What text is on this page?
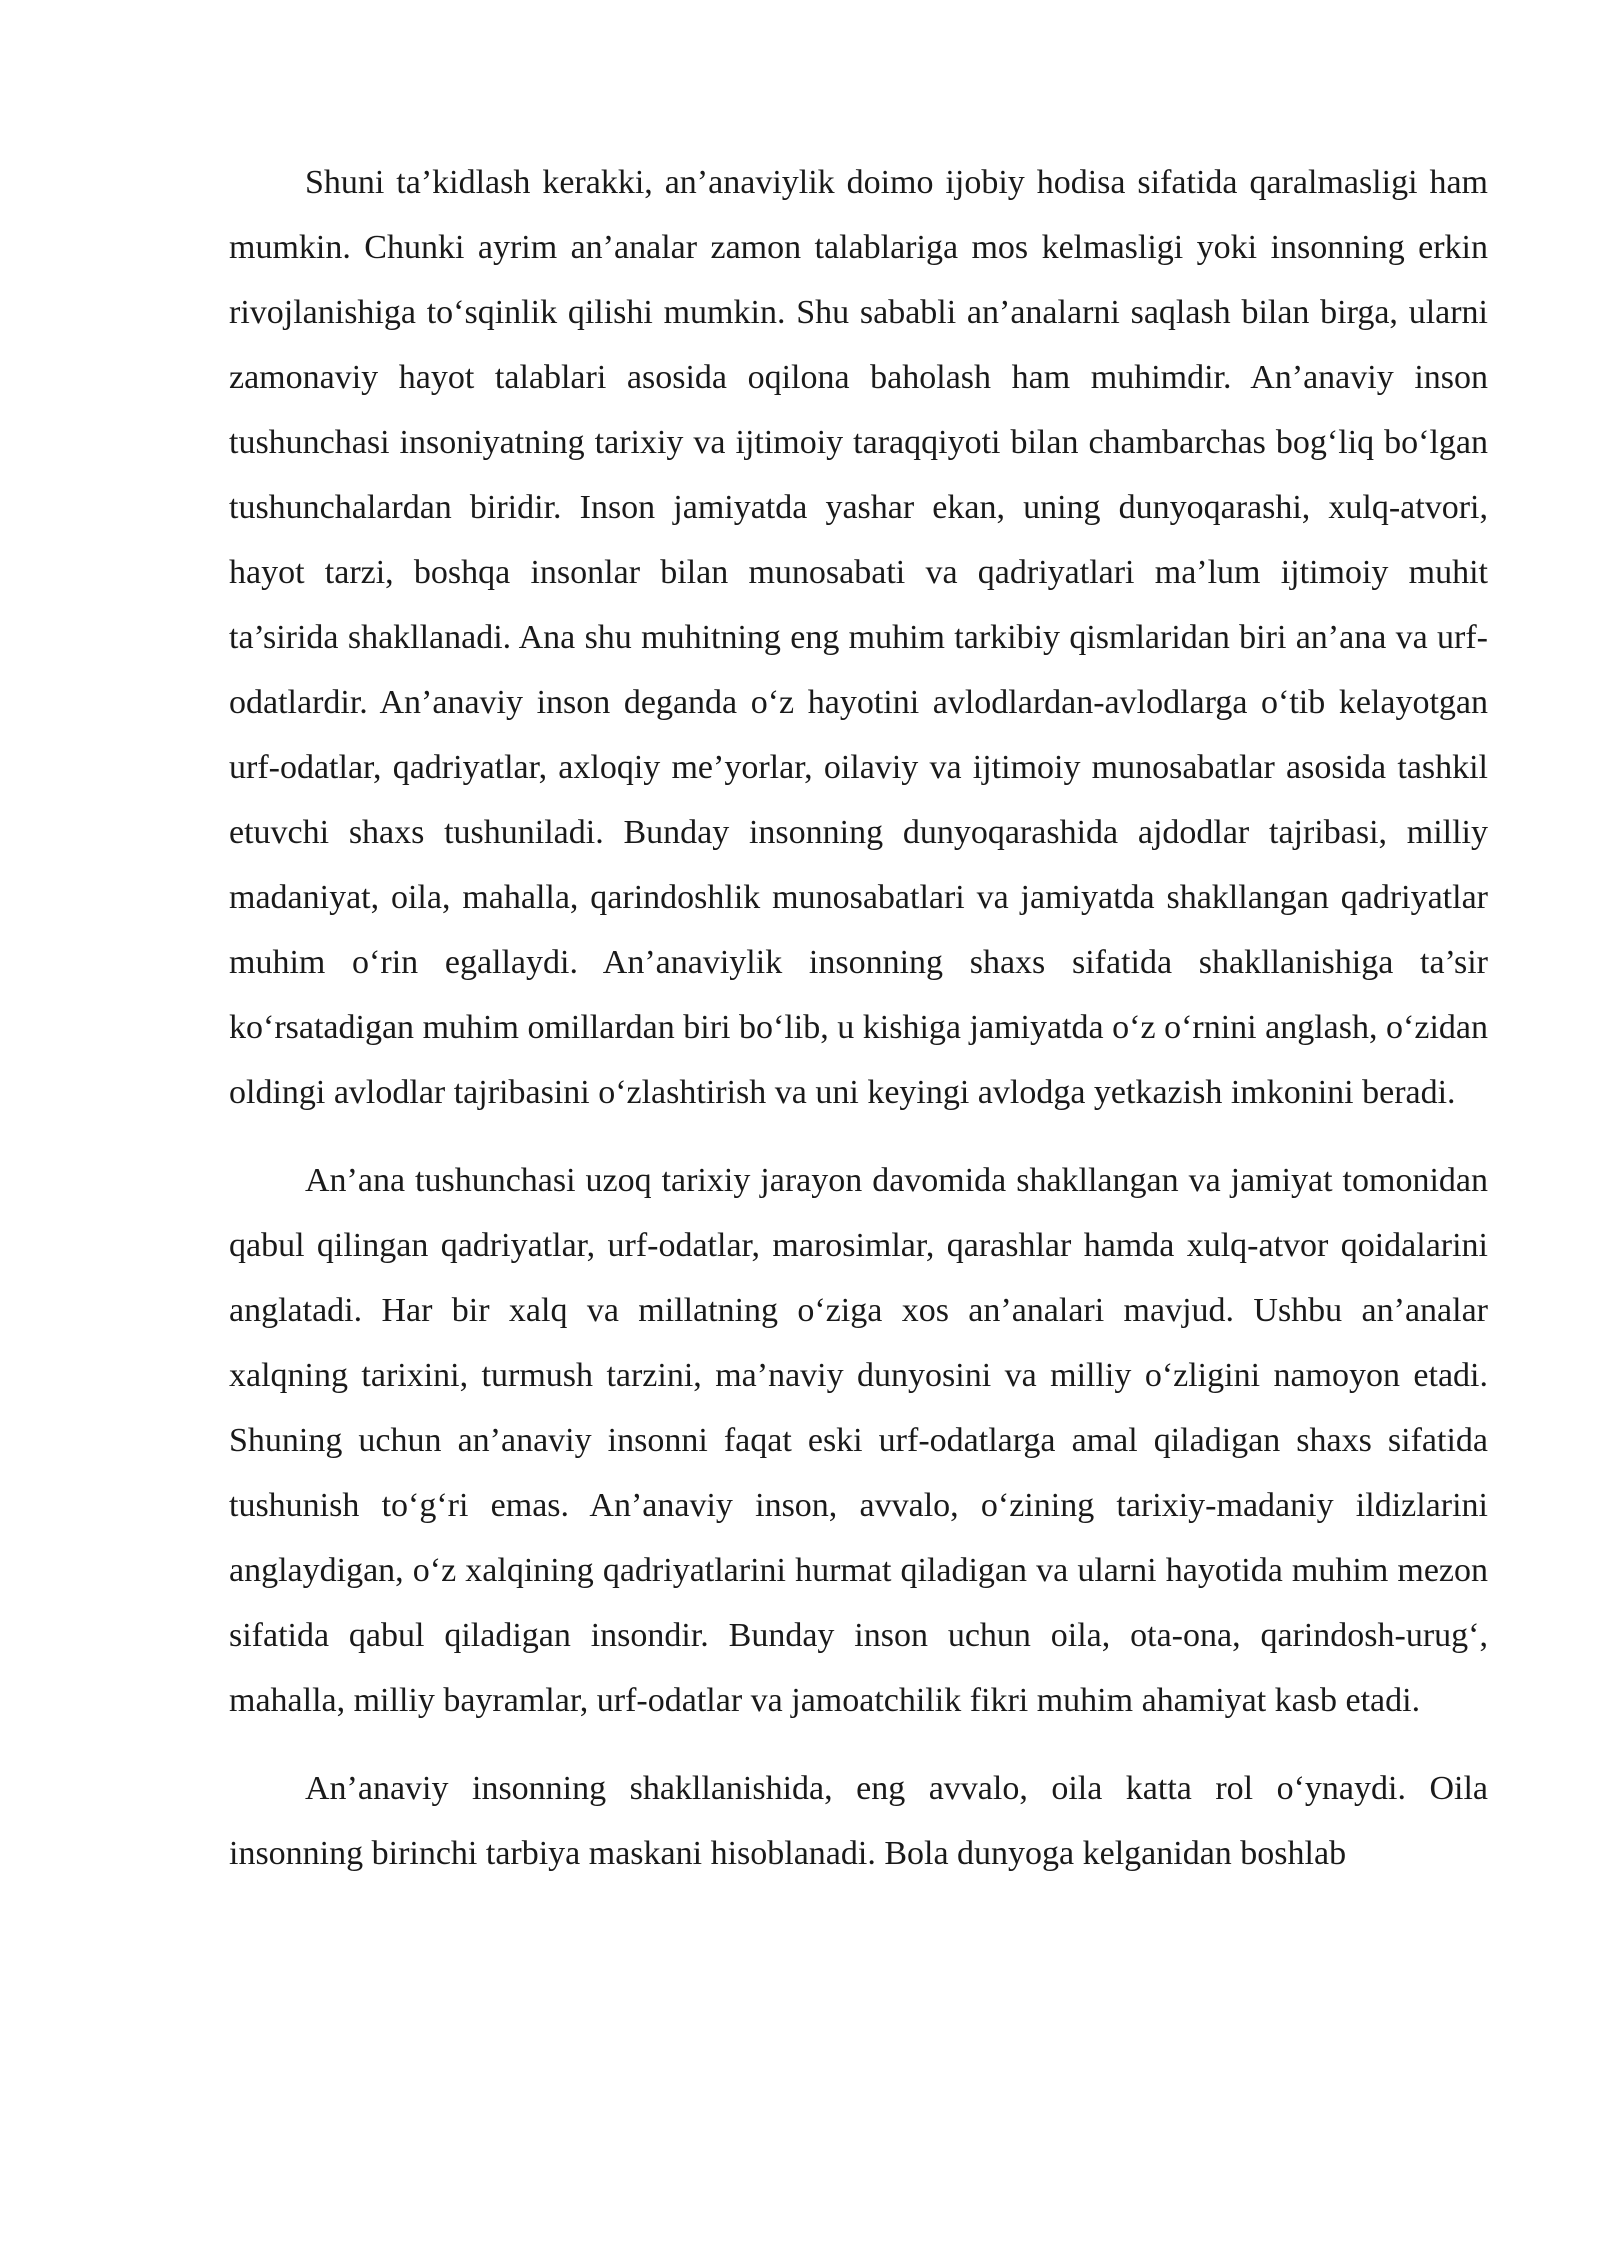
Shuni ta’kidlash kerakki, an’anaviylik doimo ijobiy hodisa sifatida qaralmasligi ham mumkin. Chunki ayrim an’analar zamon talablariga mos kelmasligi yoki insonning erkin rivojlanishiga to‘sqinlik qilishi mumkin. Shu sababli an’analarni saqlash bilan birga, ularni zamonaviy hayot talablari asosida oqilona baholash ham muhimdir. An’anaviy inson tushunchasi insoniyatning tarixiy va ijtimoiy taraqqiyoti bilan chambarchas bog‘liq bo‘lgan tushunchalardan biridir. Inson jamiyatda yashar ekan, uning dunyoqarashi, xulq-atvori, hayot tarzi, boshqa insonlar bilan munosabati va qadriyatlari ma’lum ijtimoiy muhit ta’sirida shakllanadi. Ana shu muhitning eng muhim tarkibiy qismlaridan biri an’ana va urf-odatlardir. An’anaviy inson deganda o‘z hayotini avlodlardan-avlodlarga o‘tib kelayotgan urf-odatlar, qadriyatlar, axloqiy me’yorlar, oilaviy va ijtimoiy munosabatlar asosida tashkil etuvchi shaxs tushuniladi. Bunday insonning dunyoqarashida ajdodlar tajribasi, milliy madaniyat, oila, mahalla, qarindoshlik munosabatlari va jamiyatda shakllangan qadriyatlar muhim o‘rin egallaydi. An’anaviylik insonning shaxs sifatida shakllanishiga ta’sir ko‘rsatadigan muhim omillardan biri bo‘lib, u kishiga jamiyatda o‘z o‘rnini anglash, o‘zidan oldingi avlodlar tajribasini o‘zlashtirish va uni keyingi avlodga yetkazish imkonini beradi.

An’ana tushunchasi uzoq tarixiy jarayon davomida shakllangan va jamiyat tomonidan qabul qilingan qadriyatlar, urf-odatlar, marosimlar, qarashlar hamda xulq-atvor qoidalarini anglatadi. Har bir xalq va millatning o‘ziga xos an’analari mavjud. Ushbu an’analar xalqning tarixini, turmush tarzini, ma’naviy dunyosini va milliy o‘zligini namoyon etadi. Shuning uchun an’anaviy insonni faqat eski urf-odatlarga amal qiladigan shaxs sifatida tushunish to‘g‘ri emas. An’anaviy inson, avvalo, o‘zining tarixiy-madaniy ildizlarini anglaydigan, o‘z xalqining qadriyatlarini hurmat qiladigan va ularni hayotida muhim mezon sifatida qabul qiladigan insondir. Bunday inson uchun oila, ota-ona, qarindosh-urug‘, mahalla, milliy bayramlar, urf-odatlar va jamoatchilik fikri muhim ahamiyat kasb etadi.

An’anaviy insonning shakllanishida, eng avvalo, oila katta rol o‘ynaydi. Oila insonning birinchi tarbiya maskani hisoblanadi. Bola dunyoga kelganidan boshlab
